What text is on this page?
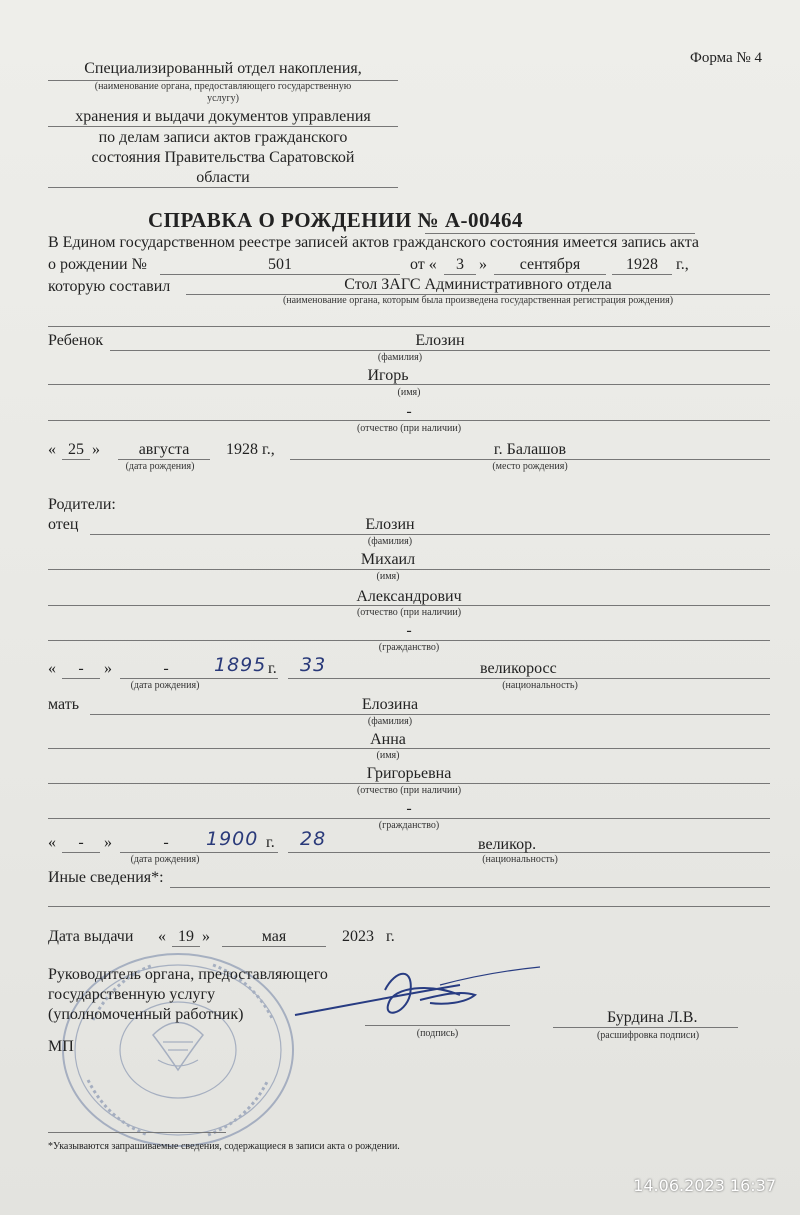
Форма № 4
Специализированный отдел накопления,
(наименование органа, предоставляющего государственную
услугу)
хранения и выдачи документов управления
по делам записи актов гражданского
состояния Правительства Саратовской
области
СПРАВКА О РОЖДЕНИИ № А-00464
В Едином государственном реестре записей актов гражданского состояния имеется запись акта
о рождении №	501	от «	3 »	сентября	1928	г.,
которую составил	Стол ЗАГС Административного отдела
(наименование органа, которым была произведена государственная регистрация рождения)
Ребенок	Елозин
(фамилия)
Игорь
(имя)
-
(отчество (при наличии)
« 25 »	августа	1928 г.,
(дата рождения)
г. Балашов
(место рождения)
Родители:
отец	Елозин
(фамилия)
Михаил
(имя)
Александрович
(отчество (при наличии)
-
(гражданство)
«	-	»	-	1895 г. 33	великоросс
(дата рождения)	(национальность)
мать	Елозина
(фамилия)
Анна
(имя)
Григорьевна
(отчество (при наличии)
-
(гражданство)
«	-	»	-	1900 г. 28	великор.
(дата рождения)	(национальность)
Иные сведения*:
Дата выдачи « 19 »	мая	2023 г.
Руководитель органа, предоставляющего
государственную услугу
(уполномоченный работник)
(подпись)
Бурдина Л.В.
(расшифровка подписи)
МП
*Указываются запрашиваемые сведения, содержащиеся в записи акта о рождении.
14.06.2023 16:37
